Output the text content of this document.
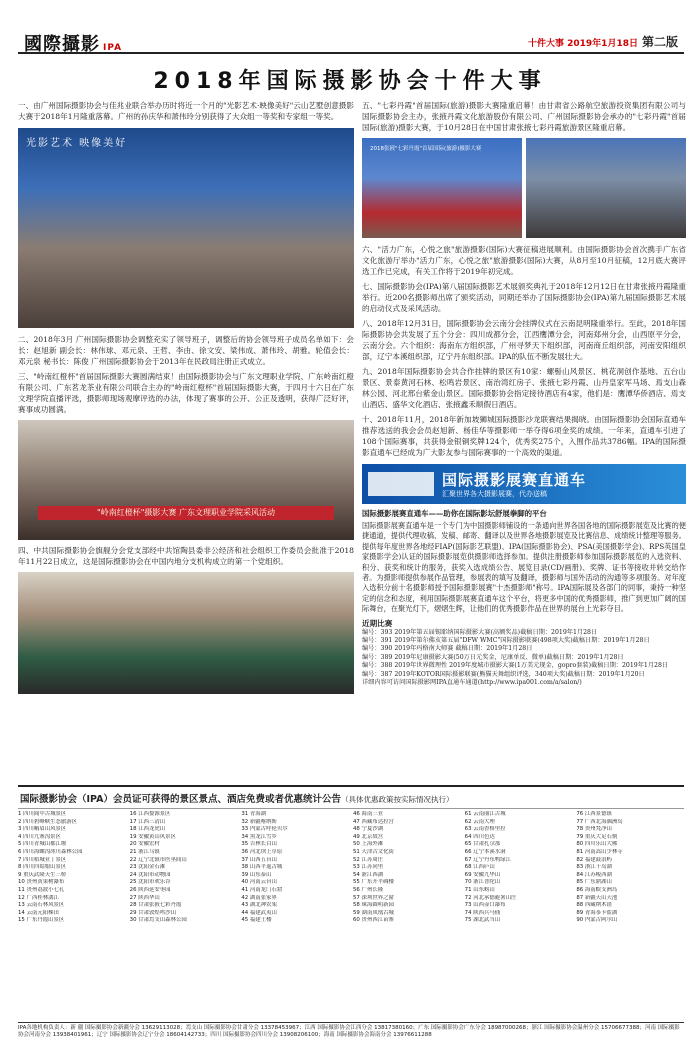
國際攝影 IPA	十件大事 2019年1月18日 第二版
2018年国际摄影协会十件大事

一、由广州国际摄影协会与佳兆业联合举办历时将近一个月的"光影艺术·映像美好"云山艺墅创意摄影大赛于2018年1月隆重落幕。广州的孙庆华和萧伟玲分别获得了大众组一等奖和专家组一等奖。

光影艺术 映像美好

二、2018年3月 广州国际摄影协会调整充实了领导班子，调整后的协会领导班子成员名单如下：会长：赵旭新 副会长：林伟球、邓元泉、王哲、李由、徐文安、梁伟成、萧伟玲、胡雅。轮值会长：邓元泉 秘书长：陈俊 广州国际摄影协会于2013年在民政局注册正式成立。

三、"岭南红橙杯"首届国际摄影大赛圆满结束！由国际摄影协会与广东文理职业学院、广东岭南红橙有限公司、广东茗龙茶业有限公司联合主办的"岭南红橙杯"首届国际摄影大赛，于四月十六日在广东文理学院直播评选，摄影师现场观摩评选的办法，体现了赛事的公开、公正及透明，获得广泛好评，赛事成功圆满。

"岭南红橙杯"摄影大赛 广东文理职业学院采风活动

四、中共国际摄影协会旗舰分会党支部经中共馆陶县委非公经济和社会组织工作委员会批准于2018年11月22日成立，这是国际摄影协会在中国内地分支机构成立的第一个党组织。

五、"七彩丹霞"首届国际(旅游)摄影大赛隆重启幕！由甘肃省公路航空旅游投资集团有限公司与国际摄影协会主办，张掖丹霞文化旅游股份有限公司、广州国际摄影协会承办的"七彩丹霞"首届国际(旅游)摄影大赛，于10月28日在中国甘肃张掖七彩丹霞旅游景区隆重启幕。

2018张掖"七彩丹霞"首届国际(旅游)摄影大赛

六、"活力广东，心悦之旅"旅游摄影(国际)大赛征稿进展顺利。由国际摄影协会首次携手广东省文化旅游厅举办"活力广东，心悦之旅"旅游摄影(国际)大赛，从8月至10月征稿，12月底大赛评选工作已完成，有关工作将于2019年初完成。

七、国际摄影协会(IPA)第八届国际摄影艺术展颁奖典礼于2018年12月12日在甘肃张掖丹霞隆重举行。近200名摄影师出席了颁奖活动，同期还举办了国际摄影协会(IPA)第九届国际摄影艺术展的启动仪式及采风活动。

八、2018年12月31日，国际摄影协会云南分会挂牌仪式在云南昆明隆重举行。至此，2018年国际摄影协会共发展了五个分会：四川成都分会，江西鹰潭分会，河南郑州分会，山西原平分会，云南分会。六个组织：海南东方组织部，广州寻梦天下组织部，河南商丘组织部，河南安阳组织部，辽宁本溪组织部，辽宁丹东组织部。IPA的队伍不断发展壮大。

九、2018年国际摄影协会共合作挂牌的景区有10家：螺髻山风景区、桃花洞创作基地、五台山景区、景泰黄河石林、松鸣岩景区、南治湾红房子、张掖七彩丹霞、山丹皇家军马场、焉支山森林公园、河北邢台紫金山景区。国际摄影协会指定接待酒店有4家，他们是：鹰潭华侨酒店、焉支山酒店、盛华文化酒店、张掖鑫禾顺假日酒店。

十、2018年11月，2018年新加坡狮城国际摄影沙龙联赛结果揭晓。由国际摄影协会国际直通车推荐选送的我会会员赵旭新、杨佳华等摄影师一举夺得6项金奖的成绩。一年来，直通车引进了108个国际赛事，共获得金银铜奖牌124个，优秀奖275个，入围作品共3786幅。IPA的国际摄影直通车已经成为广大影友参与国际赛事的一个高效的渠道。

国际摄影展赛直通车
汇聚世界各大摄影展赛，代办送稿

国际摄影展赛直通车——助你在国际影坛舒展拳脚的平台

国际摄影展赛直通车是一个专门为中国摄影师铺设的一条通向世界各国各地的国际摄影展览及比赛的便捷通道，提供代理收稿、发稿、邮寄、翻译以及世界各地摄影展览及比赛信息、成绩统计整理等服务。提供每年度世界各地经FIAP(国际影艺联盟)、IPA(国际摄影协会)、PSA(美国摄影学会)、RPS英国皇家摄影学会)认证的国际摄影展览供摄影师选择参加。提供注册摄影师参加国际摄影展览的入选资料、积分、获奖和统计的服务，获奖入选成绩公告、展览目录(CD/画册)、奖牌、证书等接收并转交给作者。为摄影师提供参展作品管理，参展表的填写及翻译，摄影师与国外活动的沟通等多项服务。对年度入选积分前十名摄影师授予国际摄影展赛"十杰摄影师"称号。IPA国际展及各部门的同事，秉持一种坚定的信念和态度，利用国际摄影展赛直通车这个平台，将更多中国的优秀摄影师，推广到更加广阔的国际舞台，在聚光灯下，熠熠生辉，让他们的优秀摄影作品在世界的展台上光彩夺目。

近期比赛

编号：393 2019年第五届锡耶纳国际摄影大赛(高额奖品)截稿日期：2019年1月28日
编号：391 2019年第尔佛亥第五届"DFW WMC"国际摄影联赛(498项大奖)截稿日期：2019年1月28日
编号：390 2019年玛格南大师赛 截稿日期：2019年1月28日
编号：389 2019年尼康摄影大赛(50万日元奖金，尼康单反、微单)截稿日期：2019年1月28日
编号：388 2019年世界微理性 2019年度城市摄影大赛(1万美元现金，gopro套装)截稿日期：2019年1月28日
编号：387 2019年KOTOR国际摄影联赛(熊猫天舞组织评选，340项大奖)截稿日期：2019年1月20日
详细内容可访问国际摄影网IPA直通车通道(http://www.ipa001.com/a/salon/)
国际摄影协会（IPA）会员证可获得的景区景点、酒店免费或者优惠统计公告（具体优惠政策按实际情况执行）
1 四川阆中古城景区	16 江西婺源景区	31 青海湖	46 海南三亚	61 云南丽江古城	76 江西景德镇
2 四川碧峰峡生态旅游区	17 江西三清山	32 新疆喀纳斯	47 西藏布达拉宫	62 云南大理	77 广西北海涠洲岛
3 四川峨眉山风景区	18 江西龙虎山	33 内蒙古呼伦贝尔	48 宁夏沙湖	63 云南香格里拉	78 贵州梵净山
4 四川九寨沟景区	19 安徽黄山风景区	34 黑龙江雪乡	49 北京故宫	64 四川色达	79 重庆大足石刻
5 四川青城山都江堰	20 安徽宏村	35 吉林长白山	50 上海外滩	65 甘肃扎尕那	80 四川乐山大佛
6 四川海螺沟冰川森林公园	21 浙江乌镇	36 河北坝上草原	51 天津古文化街	66 辽宁本溪水洞	81 河南嵩山少林寺
7 四川稻城亚丁景区	22 辽宁北镇市医巫闾山	37 山西五台山	52 江苏周庄	67 辽宁丹东鸭绿江	82 福建鼓浪屿
8 四川四姑娘山景区	23 沈阳金石滩	38 山西平遥古城	53 江苏同里	68 江西庐山	83 浙江千岛湖
9 重庆武隆天生三桥	24 沈阳市动物园	39 山东泰山	54 浙江西湖	69 安徽九华山	84 江苏瘦西湖
10 贵州黄果树瀑布	25 沈阳市欢乐谷	40 河南云台山	55 广东开平碉楼	70 浙江普陀山	85 广东鼎湖山
11 贵州荔波小七孔	26 陕西延安枣园	41 河南龙门石窟	56 广州长隆	71 山东崂山	86 海南蜈支洲岛
12 广西桂林漓江	27 陕西华山	42 湖南张家界	57 深圳世界之窗	72 河北承德避暑山庄	87 新疆天山天池
13 云南石林风景区	28 甘肃张掖七彩丹霞	43 湖北神农架	58 珠海圆明新园	73 山西壶口瀑布	88 西藏纳木错
14 云南元阳梯田	29 甘肃敦煌鸣沙山	44 福建武夷山	59 湖南凤凰古城	74 陕西兵马俑	89 青海茶卡盐湖
15 广东丹霞山景区	30 甘肃焉支山森林公园	45 福建土楼	60 贵州西江苗寨	75 湖北武当山	90 内蒙古阿尔山
IPA各地机构负责人：新 疆 国际摄影协会新疆分会 13629113028；焉支山 国际摄影协会甘肃分会 13378453967；江西 国际摄影协会江西分会 13817380160；广东 国际摄影协会广东分会 18987000268；浙江 国际摄影协会温州分会 15706677388；河南 国际摄影协会河南分会 13938401961；辽宁 国际摄影协会辽宁分会 18604142733；四川 国际摄影协会四川分会 13908206100；海南 国际摄影协会海南分会 13976611288
